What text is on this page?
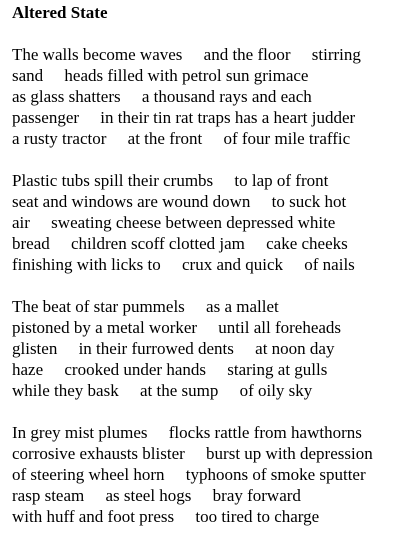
Altered State
The walls become waves     and the floor     stirring
sand     heads filled with petrol sun grimace
as glass shatters     a thousand rays and each
passenger     in their tin rat traps has a heart judder
a rusty tractor     at the front     of four mile traffic
Plastic tubs spill their crumbs     to lap of front
seat and windows are wound down     to suck hot
air     sweating cheese between depressed white
bread     children scoff clotted jam     cake cheeks
finishing with licks to     crux and quick     of nails
The beat of star pummels     as a mallet
pistoned by a metal worker     until all foreheads
glisten     in their furrowed dents     at noon day
haze     crooked under hands     staring at gulls
while they bask     at the sump     of oily sky
In grey mist plumes     flocks rattle from hawthorns
corrosive exhausts blister     burst up with depression
of steering wheel horn     typhoons of smoke sputter
rasp steam     as steel hogs     bray forward
with huff and foot press     too tired to charge
